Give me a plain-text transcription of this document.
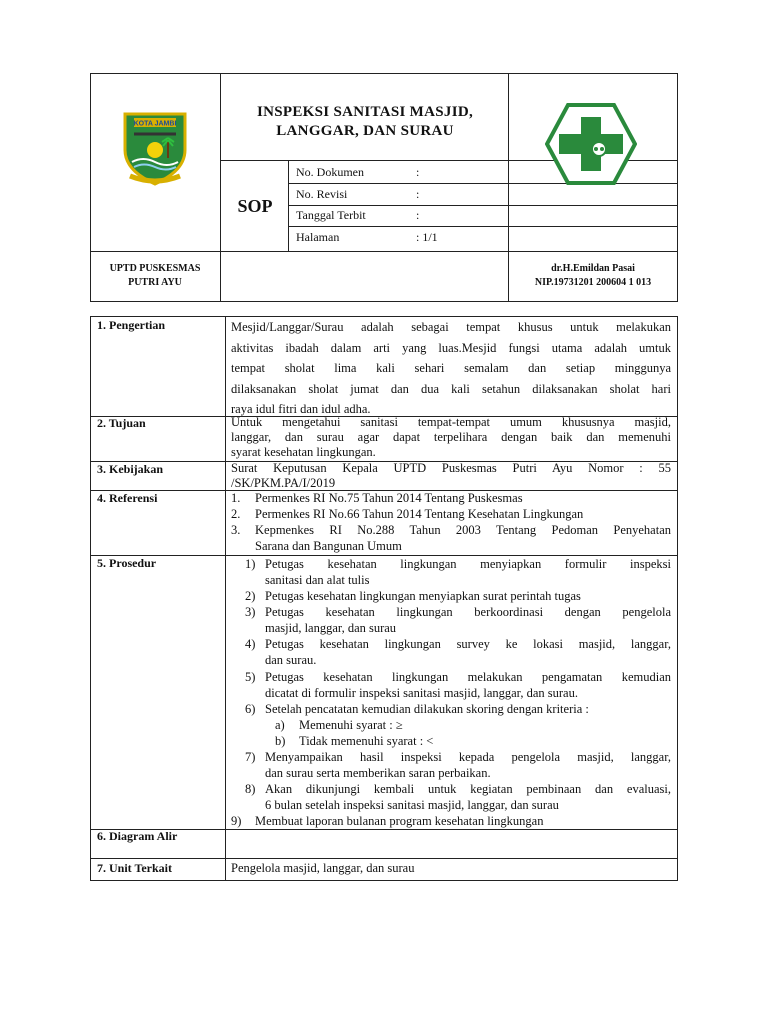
KOTA JAMBI
INSPEKSI SANITASI MASJID,
LANGGAR, DAN SURAU
SOP
No. Dokumen	:
No. Revisi	:
Tanggal Terbit	:
Halaman	: 1/1
UPTD PUSKESMAS
PUTRI AYU
dr.H.Emildan Pasai
NIP.19731201 200604 1 013
1. Pengertian	Mesjid/Langgar/Surau adalah sebagai tempat khusus untuk melakukan
aktivitas ibadah dalam arti yang luas.Mesjid fungsi utama adalah umtuk
tempat sholat lima kali sehari semalam dan setiap minggunya
dilaksanakan sholat jumat dan dua kali setahun dilaksanakan sholat hari
raya idul fitri dan idul adha.
2. Tujuan	Untuk mengetahui sanitasi tempat-tempat umum khususnya masjid,
langgar, dan surau agar dapat terpelihara dengan baik dan memenuhi
syarat kesehatan lingkungan.
3. Kebijakan	Surat Keputusan Kepala UPTD Puskesmas Putri Ayu Nomor : 55
/SK/PKM.PA/I/2019
4. Referensi	1.	Permenkes RI No.75 Tahun 2014 Tentang Puskesmas
2.	Permenkes RI No.66 Tahun 2014 Tentang Kesehatan Lingkungan
3.	Kepmenkes RI No.288 Tahun 2003 Tentang Pedoman Penyehatan
Sarana dan Bangunan Umum
5. Prosedur	1) Petugas kesehatan lingkungan menyiapkan formulir inspeksi
sanitasi dan alat tulis
2) Petugas kesehatan lingkungan menyiapkan surat perintah tugas
3) Petugas kesehatan lingkungan berkoordinasi dengan pengelola
masjid, langgar, dan surau
4) Petugas kesehatan lingkungan survey ke lokasi masjid, langgar,
dan surau.
5) Petugas kesehatan lingkungan melakukan pengamatan kemudian
dicatat di formulir inspeksi sanitasi masjid, langgar, dan surau.
6) Setelah pencatatan kemudian dilakukan skoring dengan kriteria :
a)	Memenuhi syarat : ≥
b)	Tidak memenuhi syarat : <
7) Menyampaikan hasil inspeksi kepada pengelola masjid, langgar,
dan surau serta memberikan saran perbaikan.
8) Akan dikunjungi kembali untuk kegiatan pembinaan dan evaluasi,
6 bulan setelah inspeksi sanitasi masjid, langgar, dan surau
9)	Membuat laporan bulanan program kesehatan lingkungan
6. Diagram Alir
7. Unit Terkait	Pengelola masjid, langgar, dan surau
